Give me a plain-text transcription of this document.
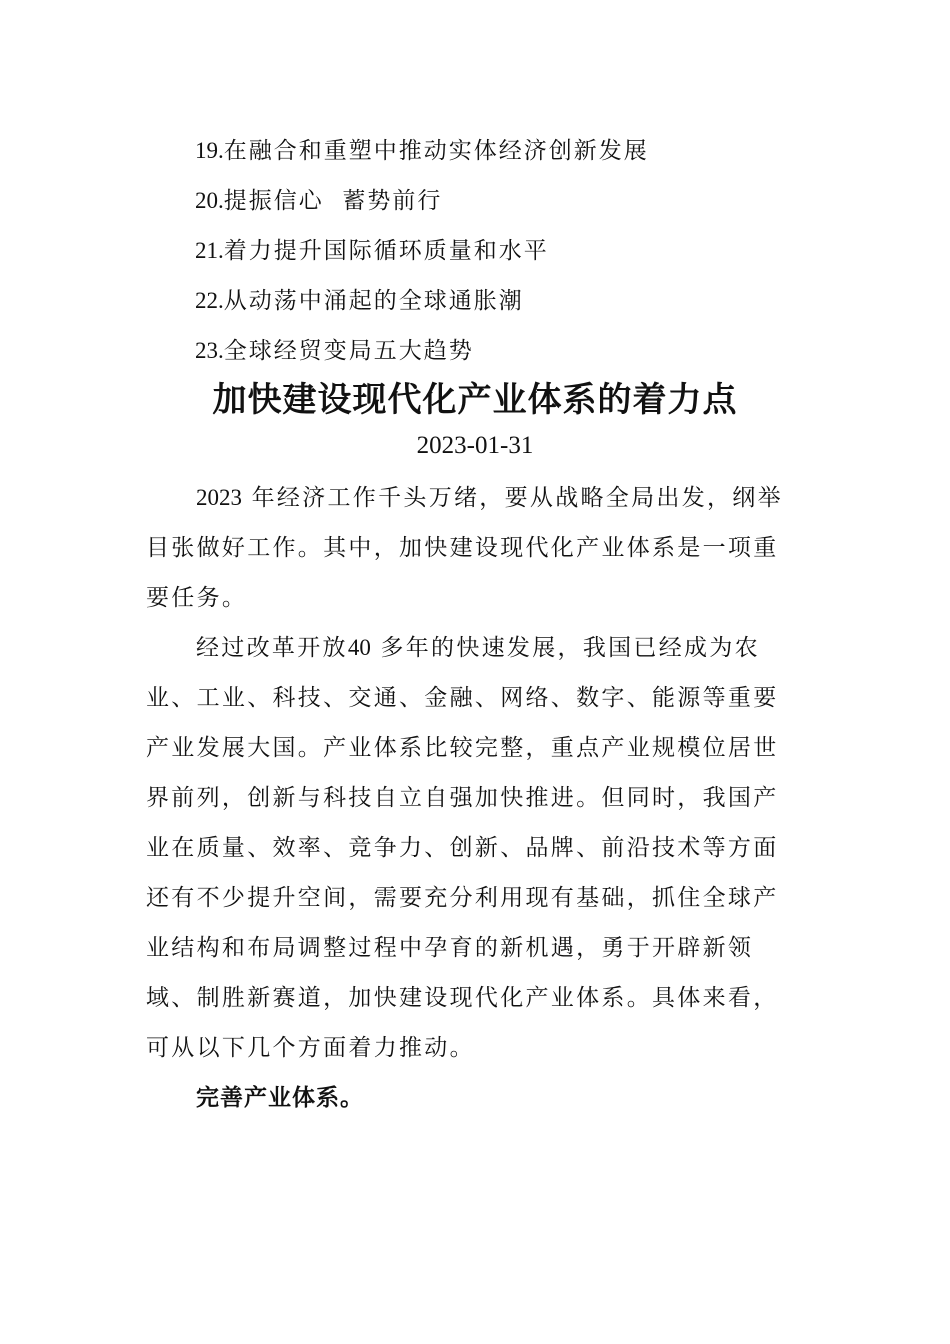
19.在融合和重塑中推动实体经济创新发展
20.提振信心  蓄势前行
21.着力提升国际循环质量和水平
22.从动荡中涌起的全球通胀潮
23.全球经贸变局五大趋势
加快建设现代化产业体系的着力点
2023-01-31

2023 年经济工作千头万绪，要从战略全局出发，纲举目张做好工作。其中，加快建设现代化产业体系是一项重要任务。

经过改革开放40 多年的快速发展，我国已经成为农业、工业、科技、交通、金融、网络、数字、能源等重要产业发展大国。产业体系比较完整，重点产业规模位居世界前列，创新与科技自立自强加快推进。但同时，我国产业在质量、效率、竞争力、创新、品牌、前沿技术等方面还有不少提升空间，需要充分利用现有基础，抓住全球产业结构和布局调整过程中孕育的新机遇，勇于开辟新领域、制胜新赛道，加快建设现代化产业体系。具体来看，可从以下几个方面着力推动。

完善产业体系。
